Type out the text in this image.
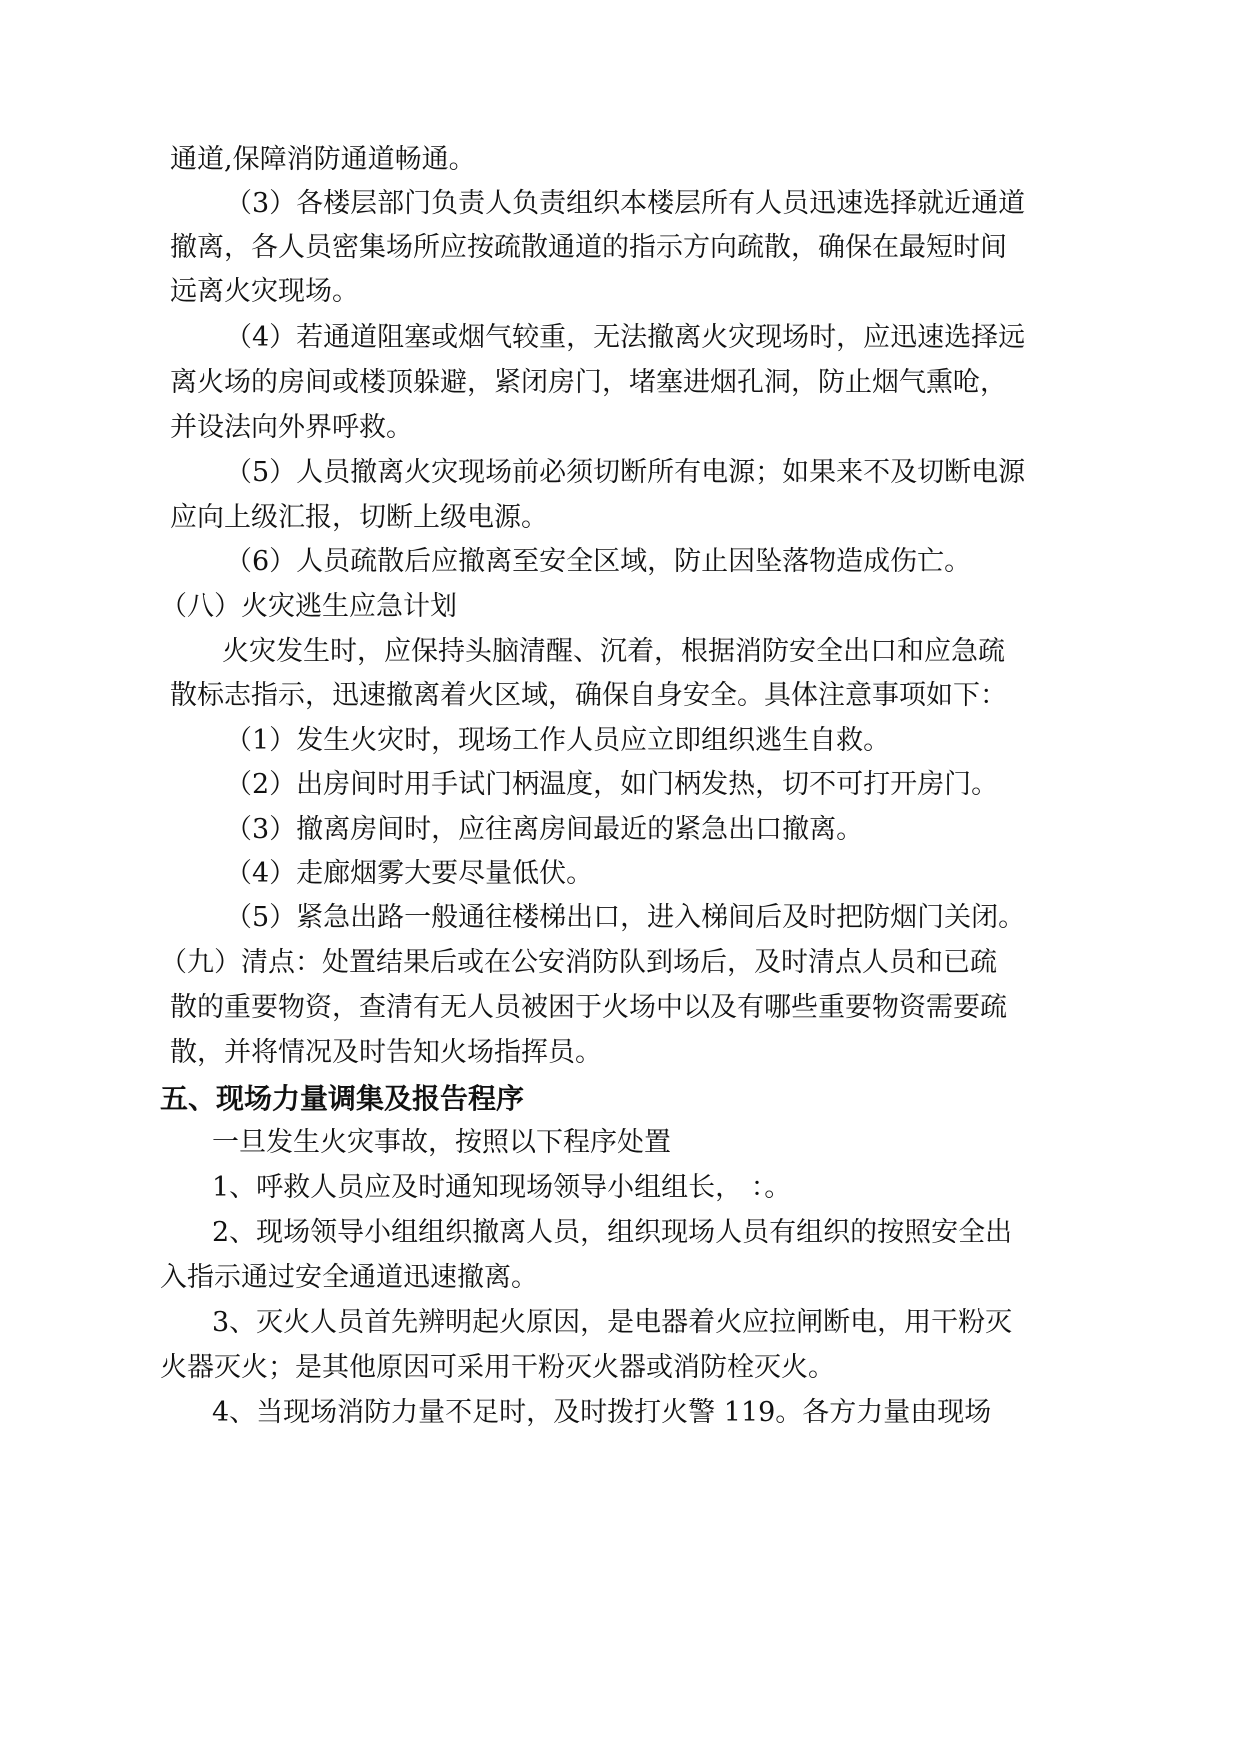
通道,保障消防通道畅通。
（3）各楼层部门负责人负责组织本楼层所有人员迅速选择就近通道
撤离，各人员密集场所应按疏散通道的指示方向疏散，确保在最短时间
远离火灾现场。
（4）若通道阻塞或烟气较重，无法撤离火灾现场时，应迅速选择远
离火场的房间或楼顶躲避，紧闭房门，堵塞进烟孔洞，防止烟气熏呛，
并设法向外界呼救。
（5）人员撤离火灾现场前必须切断所有电源；如果来不及切断电源
应向上级汇报，切断上级电源。
（6）人员疏散后应撤离至安全区域，防止因坠落物造成伤亡。
（八）火灾逃生应急计划
火灾发生时，应保持头脑清醒、沉着，根据消防安全出口和应急疏
散标志指示，迅速撤离着火区域，确保自身安全。具体注意事项如下：
（1）发生火灾时，现场工作人员应立即组织逃生自救。
（2）出房间时用手试门柄温度，如门柄发热，切不可打开房门。
（3）撤离房间时，应往离房间最近的紧急出口撤离。
（4）走廊烟雾大要尽量低伏。
（5）紧急出路一般通往楼梯出口，进入梯间后及时把防烟门关闭。
（九）清点：处置结果后或在公安消防队到场后，及时清点人员和已疏
散的重要物资，查清有无人员被困于火场中以及有哪些重要物资需要疏
散，并将情况及时告知火场指挥员。
五、现场力量调集及报告程序
一旦发生火灾事故，按照以下程序处置
1、呼救人员应及时通知现场领导小组组长， ：。
2、现场领导小组组织撤离人员，组织现场人员有组织的按照安全出
入指示通过安全通道迅速撤离。
3、灭火人员首先辨明起火原因，是电器着火应拉闸断电，用干粉灭
火器灭火；是其他原因可采用干粉灭火器或消防栓灭火。
4、当现场消防力量不足时，及时拨打火警 119。各方力量由现场
